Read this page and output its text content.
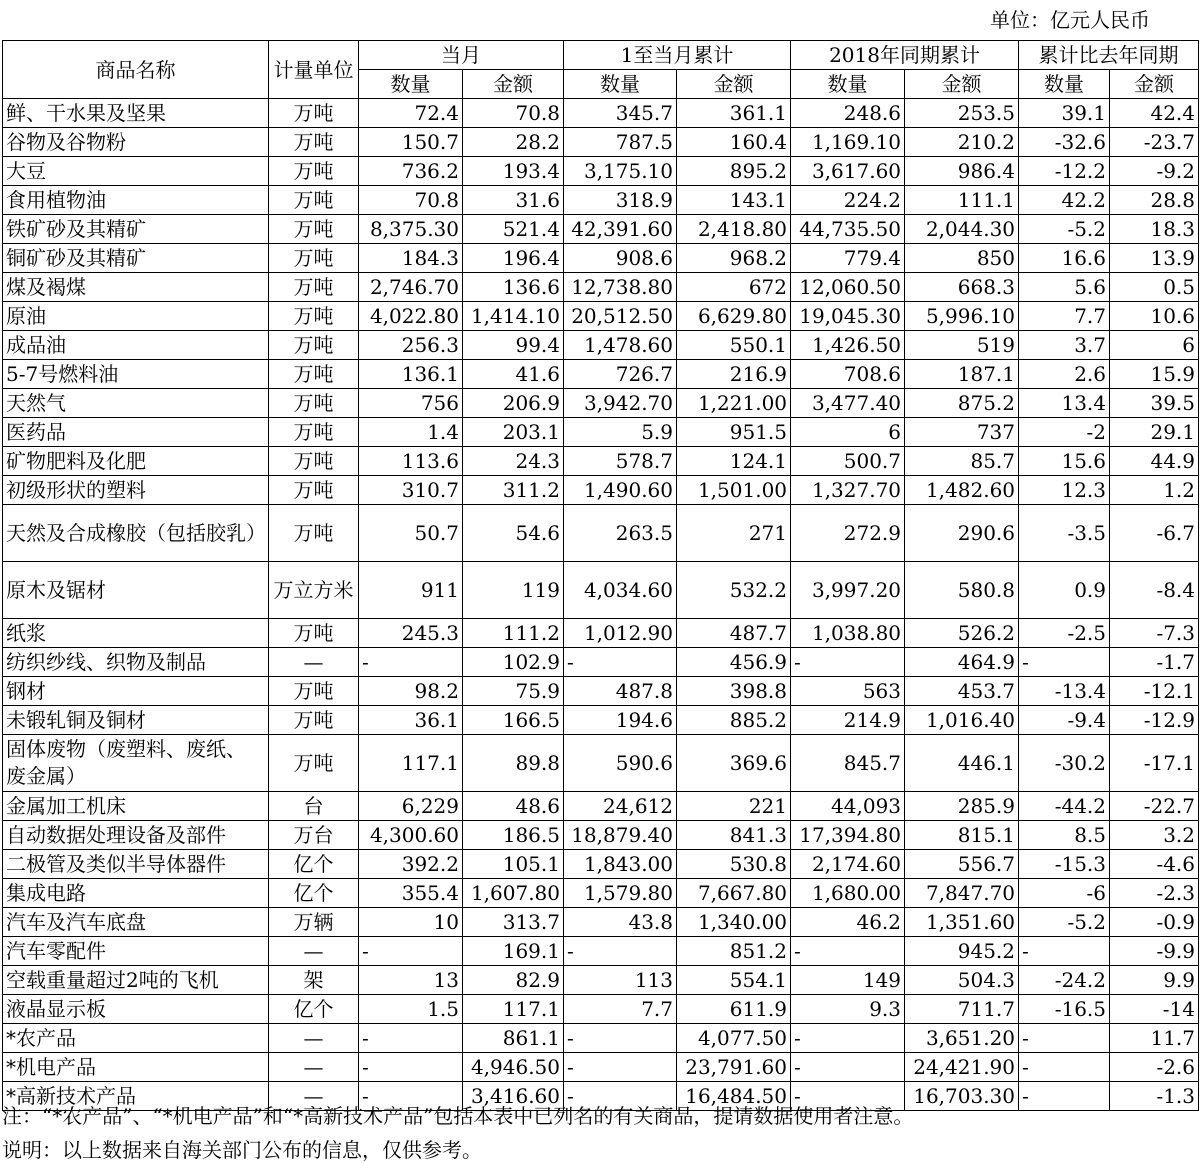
单位：亿元人民币
商品名称	计量单位	当月		1至当月累计		2018年同期累计		累计比去年同期	
		数量	金额	数量	金额	数量	金额	数量	金额
鲜、干水果及坚果	万吨	72.4	70.8	345.7	361.1	248.6	253.5	39.1	42.4
谷物及谷物粉	万吨	150.7	28.2	787.5	160.4	1,169.10	210.2	-32.6	-23.7
大豆	万吨	736.2	193.4	3,175.10	895.2	3,617.60	986.4	-12.2	-9.2
食用植物油	万吨	70.8	31.6	318.9	143.1	224.2	111.1	42.2	28.8
铁矿砂及其精矿	万吨	8,375.30	521.4	42,391.60	2,418.80	44,735.50	2,044.30	-5.2	18.3
铜矿砂及其精矿	万吨	184.3	196.4	908.6	968.2	779.4	850	16.6	13.9
煤及褐煤	万吨	2,746.70	136.6	12,738.80	672	12,060.50	668.3	5.6	0.5
原油	万吨	4,022.80	1,414.10	20,512.50	6,629.80	19,045.30	5,996.10	7.7	10.6
成品油	万吨	256.3	99.4	1,478.60	550.1	1,426.50	519	3.7	6
5-7号燃料油	万吨	136.1	41.6	726.7	216.9	708.6	187.1	2.6	15.9
天然气	万吨	756	206.9	3,942.70	1,221.00	3,477.40	875.2	13.4	39.5
医药品	万吨	1.4	203.1	5.9	951.5	6	737	-2	29.1
矿物肥料及化肥	万吨	113.6	24.3	578.7	124.1	500.7	85.7	15.6	44.9
初级形状的塑料	万吨	310.7	311.2	1,490.60	1,501.00	1,327.70	1,482.60	12.3	1.2
天然及合成橡胶（包括胶乳）	万吨	50.7	54.6	263.5	271	272.9	290.6	-3.5	-6.7
原木及锯材	万立方米	911	119	4,034.60	532.2	3,997.20	580.8	0.9	-8.4
纸浆	万吨	245.3	111.2	1,012.90	487.7	1,038.80	526.2	-2.5	-7.3
纺织纱线、织物及制品	—	-	102.9	-	456.9	-	464.9	-	-1.7
钢材	万吨	98.2	75.9	487.8	398.8	563	453.7	-13.4	-12.1
未锻轧铜及铜材	万吨	36.1	166.5	194.6	885.2	214.9	1,016.40	-9.4	-12.9
固体废物（废塑料、废纸、废金属）	万吨	117.1	89.8	590.6	369.6	845.7	446.1	-30.2	-17.1
金属加工机床	台	6,229	48.6	24,612	221	44,093	285.9	-44.2	-22.7
自动数据处理设备及部件	万台	4,300.60	186.5	18,879.40	841.3	17,394.80	815.1	8.5	3.2
二极管及类似半导体器件	亿个	392.2	105.1	1,843.00	530.8	2,174.60	556.7	-15.3	-4.6
集成电路	亿个	355.4	1,607.80	1,579.80	7,667.80	1,680.00	7,847.70	-6	-2.3
汽车及汽车底盘	万辆	10	313.7	43.8	1,340.00	46.2	1,351.60	-5.2	-0.9
汽车零配件	—	-	169.1	-	851.2	-	945.2	-	-9.9
空载重量超过2吨的飞机	架	13	82.9	113	554.1	149	504.3	-24.2	9.9
液晶显示板	亿个	1.5	117.1	7.7	611.9	9.3	711.7	-16.5	-14
*农产品	—	-	861.1	-	4,077.50	-	3,651.20	-	11.7
*机电产品	—	-	4,946.50	-	23,791.60	-	24,421.90	-	-2.6
*高新技术产品	—	-	3,416.60	-	16,484.50	-	16,703.30	-	-1.3
注：“*农产品”、“*机电产品”和“*高新技术产品”包括本表中已列名的有关商品，提请数据使用者注意。
说明：以上数据来自海关部门公布的信息，仅供参考。
